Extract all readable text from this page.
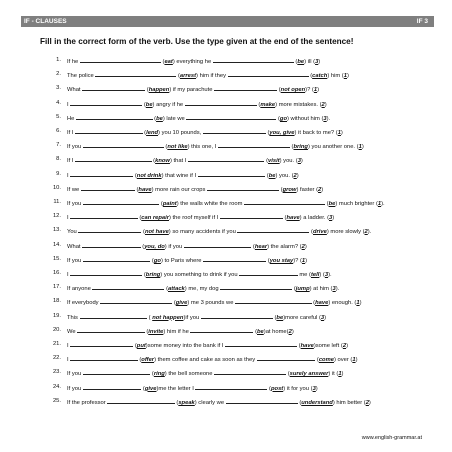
IF - CLAUSES	IF 3
Fill in the correct form of the verb. Use the type given at the end of the sentence!
1. If he	(eat) everything he	(be) ill (3)
2. The police	(arrest) him if they	(catch) him (1)
3. What	(happen) if my parachute	(not open)? (1)
4. I	(be) angry if he	(make) more mistakes. (2)
5. He	(be) late we	(go) without him (3).
6. If I	(lend) you 10 pounds,	(you, give) it back to me? (1)
7. If you	(not like) this one, I	(bring) you another one. (1)
8. If I	(know) that I	(visit) you. (3)
9. I	(not drink) that wine if I	(be) you. (2)
10. If we	(have) more rain our crops	(grow) faster (2)
11. If you	(paint) the walls white the room	(be) much brighter (1).
12. I	(can repair) the roof myself if I	(have) a ladder. (3)
13. You	(not have) so many accidents if you	(drive) more slowly (2).
14. What	(you, do) if you	(hear) the alarm? (2)
15. If you	(go) to Paris where	(you stay)? (1)
16. I	(bring) you something to drink if you	me (tell) (3).
17. If anyone	(attack) me, my dog	(jump) at him (3).
18. If everybody	(give) me 3 pounds we	(have) enough. (1)
19. This	( not happen)if you	(be)more careful (3)
20. We	(invite) him if he	(be)at home(2)
21. I	(put)some money into the bank if I	(have)some left (2)
22. I	(offer) them coffee and cake as soon as they	(come) over (1)
23. If you	(ring) the bell someone	(surely answer) it (1)
24. If you	(give)me the letter I	(post) it for you (3)
25. If the professor	(speak) clearly we	(understand) him better (2)
www.english-grammar.at
